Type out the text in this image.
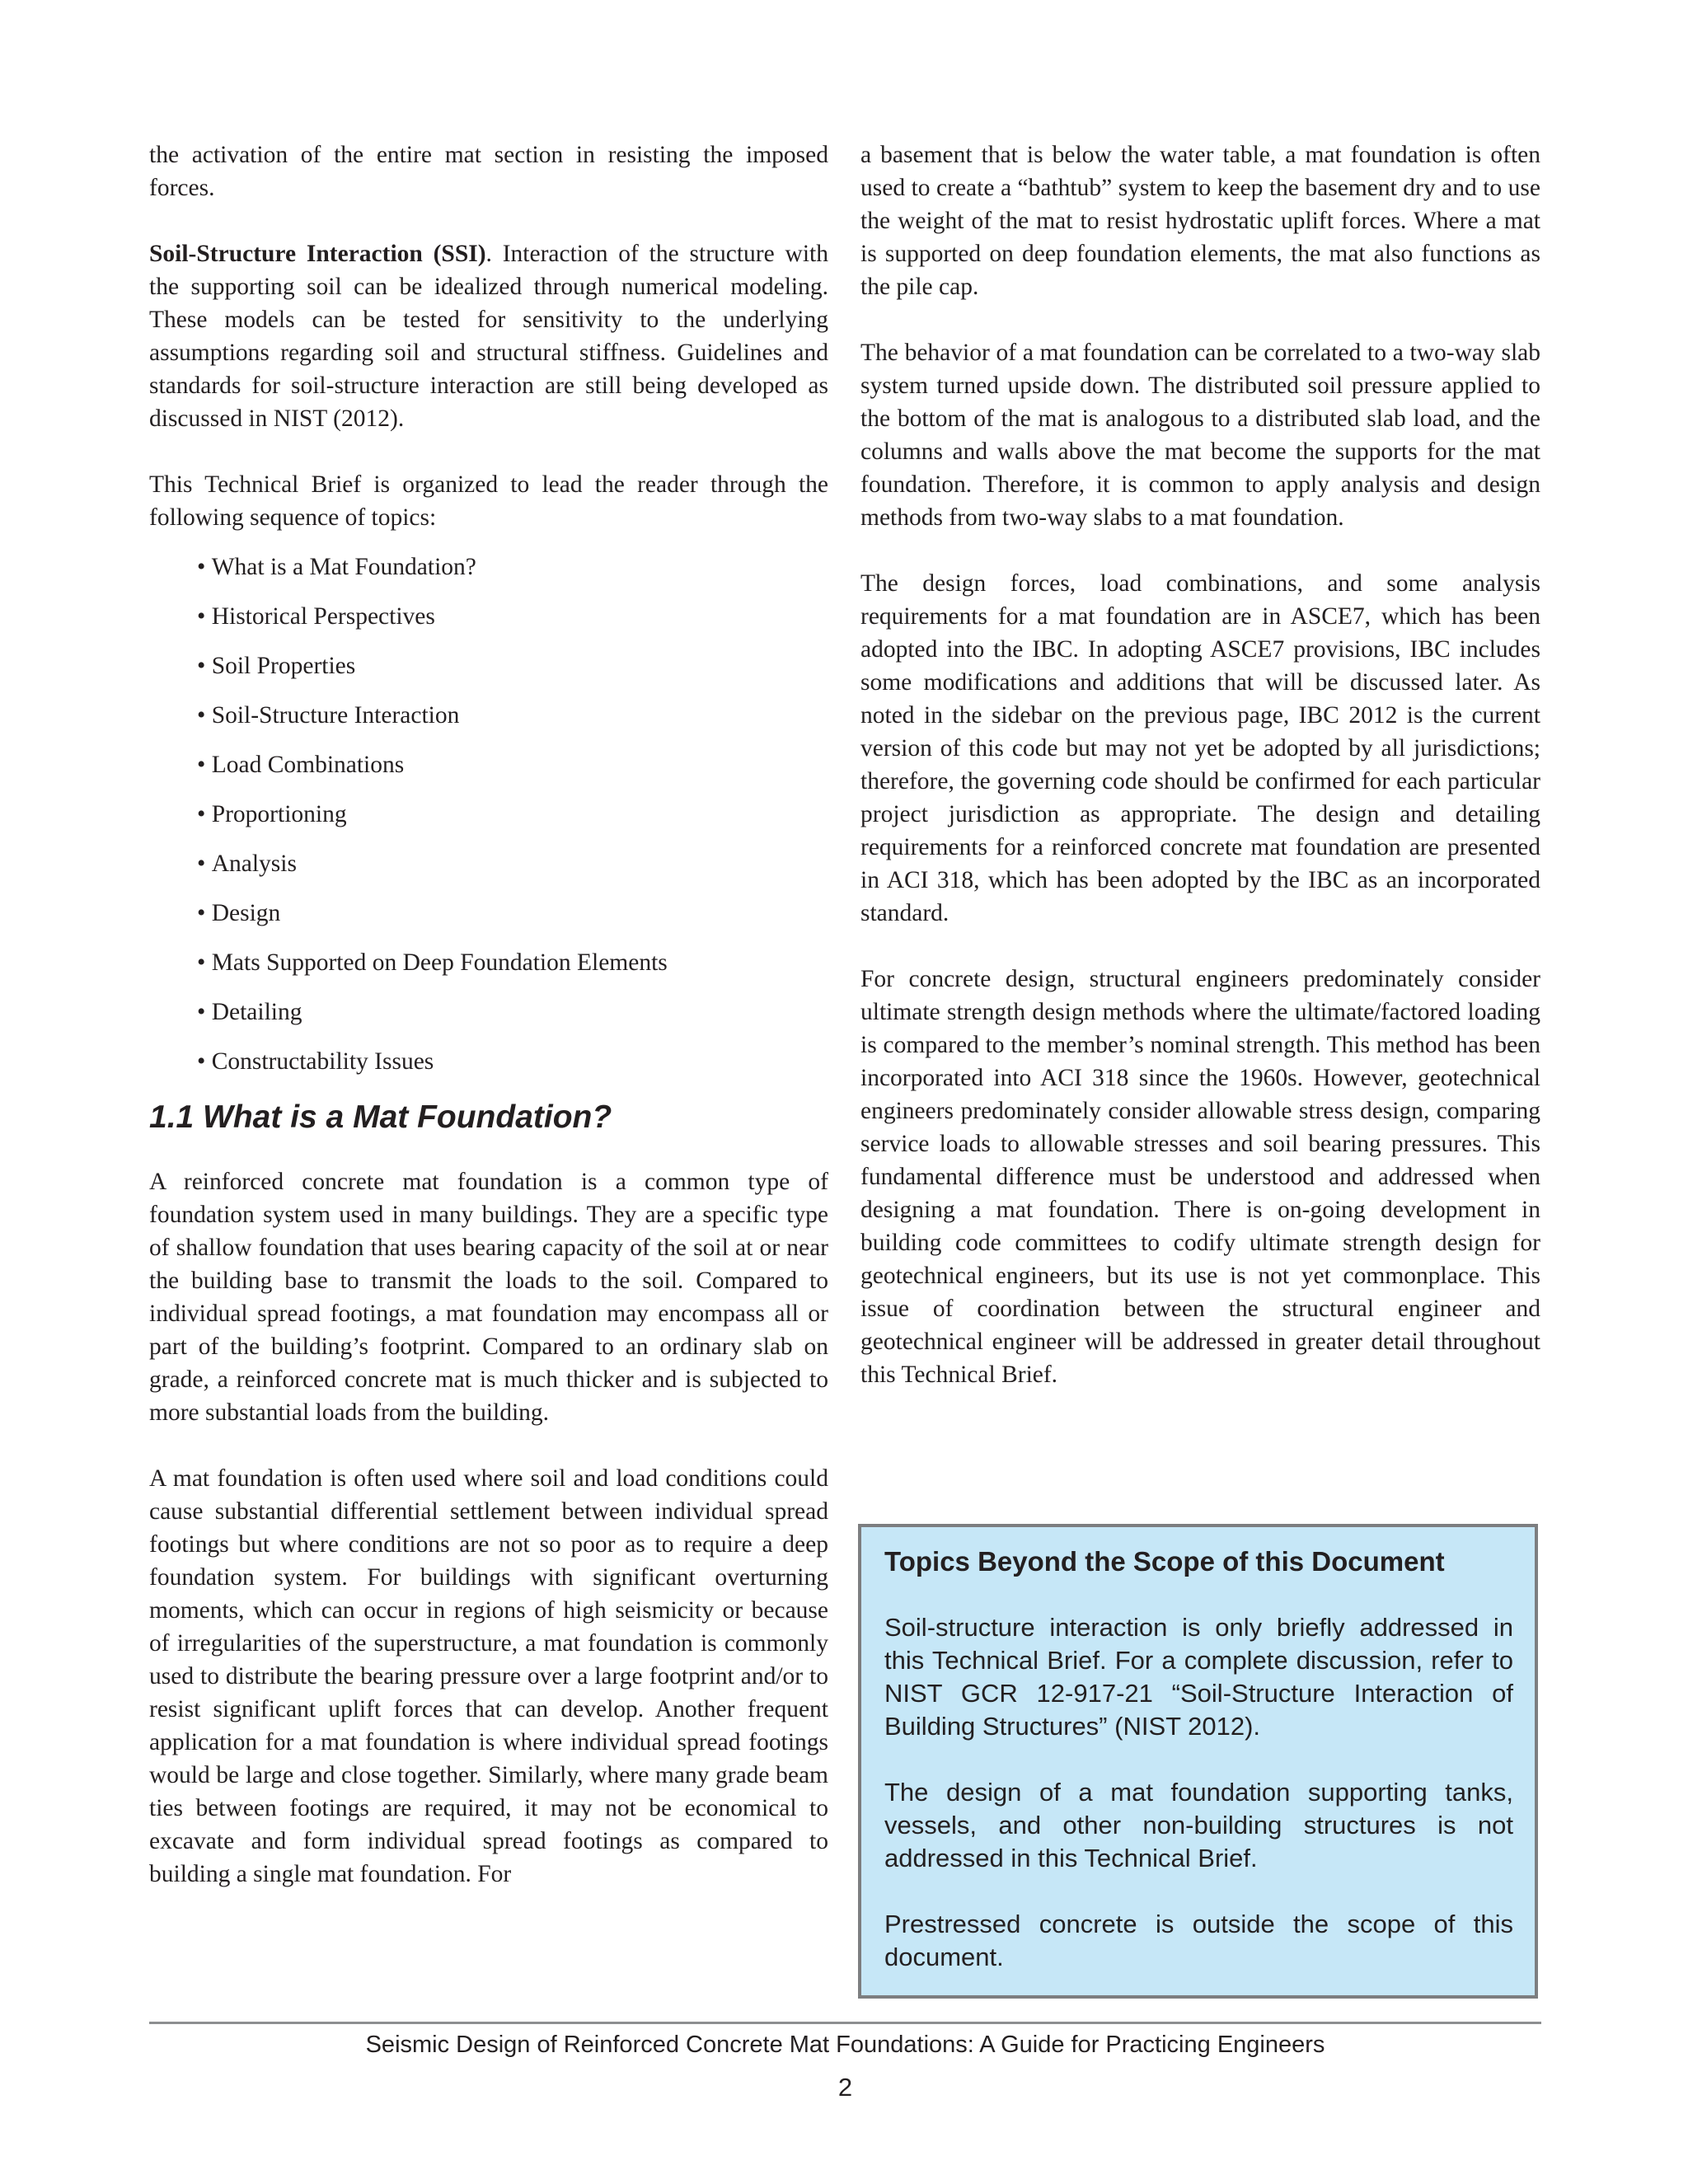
the activation of the entire mat section in resisting the imposed forces.

Soil-Structure Interaction (SSI). Interaction of the structure with the supporting soil can be idealized through numerical modeling. These models can be tested for sensitivity to the underlying assumptions regarding soil and structural stiffness. Guidelines and standards for soil-structure interaction are still being developed as discussed in NIST (2012).

This Technical Brief is organized to lead the reader through the following sequence of topics:

• What is a Mat Foundation?
• Historical Perspectives
• Soil Properties
• Soil-Structure Interaction
• Load Combinations
• Proportioning
• Analysis
• Design
• Mats Supported on Deep Foundation Elements
• Detailing
• Constructability Issues
1.1 What is a Mat Foundation?

A reinforced concrete mat foundation is a common type of foundation system used in many buildings. They are a specific type of shallow foundation that uses bearing capacity of the soil at or near the building base to transmit the loads to the soil. Compared to individual spread footings, a mat foundation may encompass all or part of the building’s footprint. Compared to an ordinary slab on grade, a reinforced concrete mat is much thicker and is subjected to more substantial loads from the building.

A mat foundation is often used where soil and load conditions could cause substantial differential settlement between individual spread footings but where conditions are not so poor as to require a deep foundation system. For buildings with significant overturning moments, which can occur in regions of high seismicity or because of irregularities of the superstructure, a mat foundation is commonly used to distribute the bearing pressure over a large footprint and/or to resist significant uplift forces that can develop. Another frequent application for a mat foundation is where individual spread footings would be large and close together. Similarly, where many grade beam ties between footings are required, it may not be economical to excavate and form individual spread footings as compared to building a single mat foundation. For

a basement that is below the water table, a mat foundation is often used to create a “bathtub” system to keep the basement dry and to use the weight of the mat to resist hydrostatic uplift forces. Where a mat is supported on deep foundation elements, the mat also functions as the pile cap.

The behavior of a mat foundation can be correlated to a two-way slab system turned upside down. The distributed soil pressure applied to the bottom of the mat is analogous to a distributed slab load, and the columns and walls above the mat become the supports for the mat foundation. Therefore, it is common to apply analysis and design methods from two-way slabs to a mat foundation.

The design forces, load combinations, and some analysis requirements for a mat foundation are in ASCE7, which has been adopted into the IBC. In adopting ASCE7 provisions, IBC includes some modifications and additions that will be discussed later. As noted in the sidebar on the previous page, IBC 2012 is the current version of this code but may not yet be adopted by all jurisdictions; therefore, the governing code should be confirmed for each particular project jurisdiction as appropriate. The design and detailing requirements for a reinforced concrete mat foundation are presented in ACI 318, which has been adopted by the IBC as an incorporated standard.

For concrete design, structural engineers predominately consider ultimate strength design methods where the ultimate/factored loading is compared to the member’s nominal strength. This method has been incorporated into ACI 318 since the 1960s. However, geotechnical engineers predominately consider allowable stress design, comparing service loads to allowable stresses and soil bearing pressures. This fundamental difference must be understood and addressed when designing a mat foundation. There is on-going development in building code committees to codify ultimate strength design for geotechnical engineers, but its use is not yet commonplace. This issue of coordination between the structural engineer and geotechnical engineer will be addressed in greater detail throughout this Technical Brief.

Topics Beyond the Scope of this Document

Soil-structure interaction is only briefly addressed in this Technical Brief. For a complete discussion, refer to NIST GCR 12-917-21 “Soil-Structure Interaction of Building Structures” (NIST 2012).

The design of a mat foundation supporting tanks, vessels, and other non-building structures is not addressed in this Technical Brief.

Prestressed concrete is outside the scope of this document.

Seismic Design of Reinforced Concrete Mat Foundations: A Guide for Practicing Engineers
2
